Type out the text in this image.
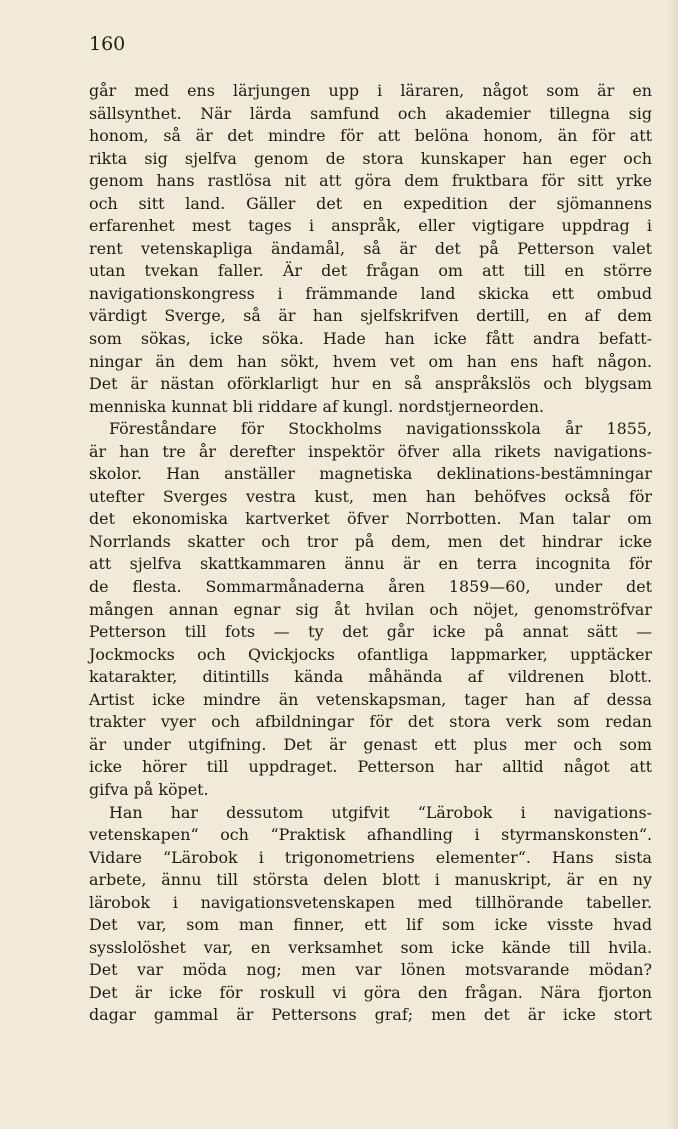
160

går med ens lärjungen upp i läraren, något som är en
sällsynthet. När lärda samfund och akademier tillegna sig
honom, så är det mindre för att belöna honom, än för att
rikta sig sjelfva genom de stora kunskaper han eger och
genom hans rastlösa nit att göra dem fruktbara för sitt yrke
och sitt land. Gäller det en expedition der sjömannens
erfarenhet mest tages i anspråk, eller vigtigare uppdrag i
rent vetenskapliga ändamål, så är det på Petterson valet
utan tvekan faller. Är det frågan om att till en större
navigationskongress i främmande land skicka ett ombud
värdigt Sverge, så är han sjelfskrifven dertill, en af dem
som sökas, icke söka. Hade han icke fått andra befatt-
ningar än dem han sökt, hvem vet om han ens haft någon.
Det är nästan oförklarligt hur en så anspråkslös och blygsam
menniska kunnat bli riddare af kungl. nordstjerneorden.
Föreståndare för Stockholms navigationsskola år 1855,
är han tre år derefter inspektör öfver alla rikets navigations-
skolor. Han anställer magnetiska deklinations-bestämningar
utefter Sverges vestra kust, men han behöfves också för
det ekonomiska kartverket öfver Norrbotten. Man talar om
Norrlands skatter och tror på dem, men det hindrar icke
att sjelfva skattkammaren ännu är en terra incognita för
de flesta. Sommarmånaderna åren 1859—60, under det
mången annan egnar sig åt hvilan och nöjet, genomströfvar
Petterson till fots — ty det går icke på annat sätt —
Jockmocks och Qvickjocks ofantliga lappmarker, upptäcker
katarakter, ditintills kända måhända af vildrenen blott.
Artist icke mindre än vetenskapsman, tager han af dessa
trakter vyer och afbildningar för det stora verk som redan
är under utgifning. Det är genast ett plus mer och som
icke hörer till uppdraget. Petterson har alltid något att
gifva på köpet.
Han har dessutom utgifvit “Lärobok i navigations-
vetenskapen“ och “Praktisk afhandling i styrmanskonsten“.
Vidare “Lärobok i trigonometriens elementer“. Hans sista
arbete, ännu till största delen blott i manuskript, är en ny
lärobok i navigationsvetenskapen med tillhörande tabeller.
Det var, som man finner, ett lif som icke visste hvad
sysslolöshet var, en verksamhet som icke kände till hvila.
Det var möda nog; men var lönen motsvarande mödan?
Det är icke för roskull vi göra den frågan. Nära fjorton
dagar gammal är Pettersons graf; men det är icke stort
